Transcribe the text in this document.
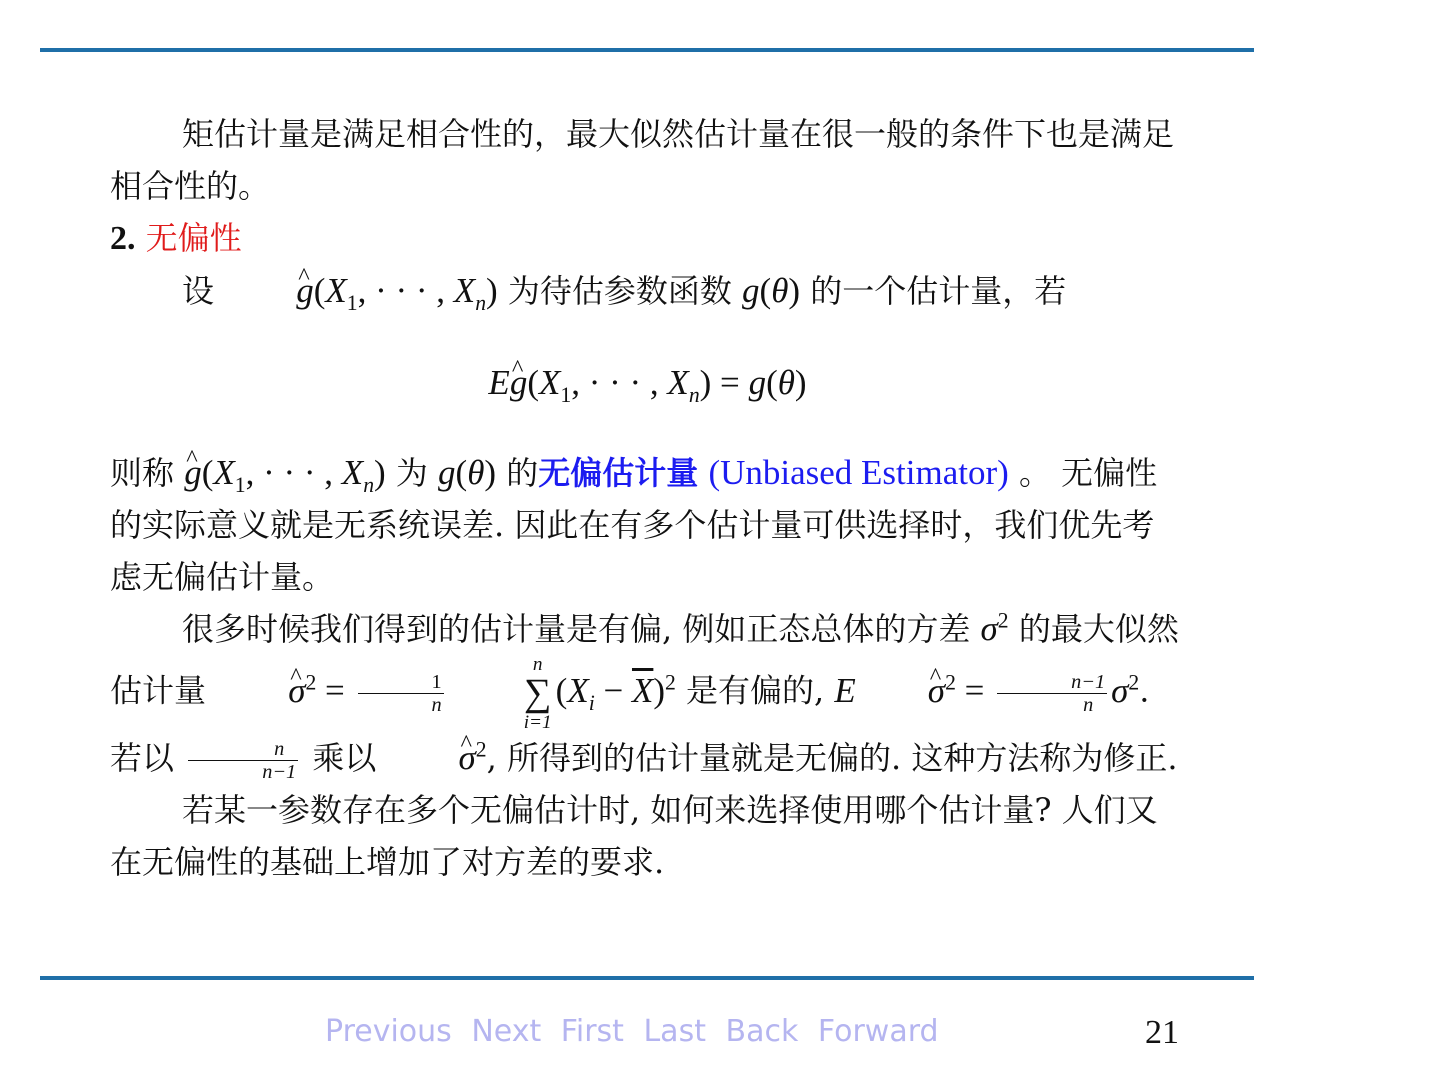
矩估计量是满足相合性的，最大似然估计量在很一般的条件下也是满足相合性的。

2. 无偏性

设 ^ $g(X_1$, · · · , $X_n$) 为待估参数函数 g(θ) 的一个估计量，若

E^ $g(X_1$, · · · , $X_n) = g(\theta)$

则称 ^ $g(X_1$, · · · , $X_n$) 为 g(θ) 的无偏估计量 (Unbiased Estimator) 。 无偏性的实际意义就是无系统误差. 因此在有多个估计量可供选择时，我们优先考虑无偏估计量。

很多时候我们得到的估计量是有偏, 例如正态总体的方差 $\sigma^2$ 的最大似然估计量 ^ $\sigma^2 = \frac{1}{n}$
n
∑
i=1
$(X_i - \overline{X})^2$ 是有偏的, E ^ $\sigma^2 = \frac{n-1}{n} \sigma^2$. 若以 $\frac{n}{n-1}$ 乘以 ^ $\sigma^2$, 所得到的估计量就是无偏的. 这种方法称为修正.

若某一参数存在多个无偏估计时, 如何来选择使用哪个估计量? 人们又在无偏性的基础上增加了对方差的要求.

Previous Next First Last Back Forward	21
